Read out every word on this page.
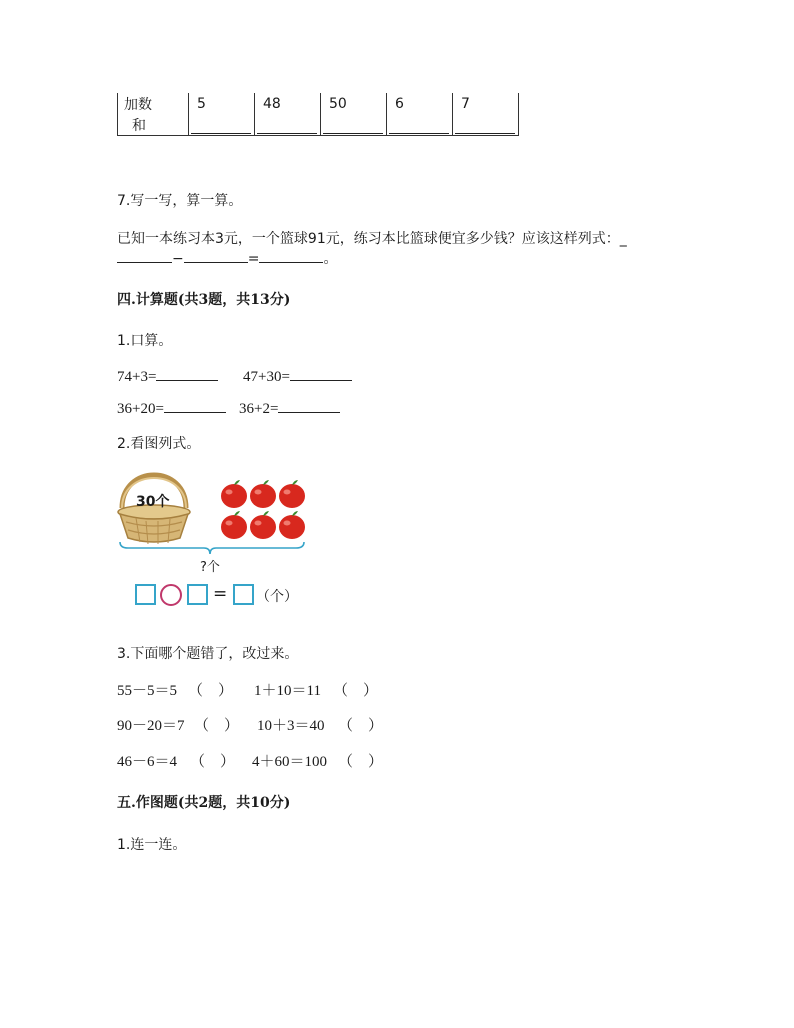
加数	5	48	50	6	7
和	

7.写一写，算一算。
已知一本练习本3元，一个篮球91元，练习本比篮球便宜多少钱？应该这样列式：_
−	=	。
四.计算题(共3题，共13分)
1.口算。
74+3=	47+30=
36+20=	36+2=
2.看图列式。
30个
?个
= （个）
3.下面哪个题错了，改过来。
55－5＝5 （　） 1＋10＝11 （　）
90－20＝7 （　） 10＋3＝40 （　）
46－6＝4 （　） 4＋60＝100 （　）
五.作图题(共2题，共10分)
1.连一连。
